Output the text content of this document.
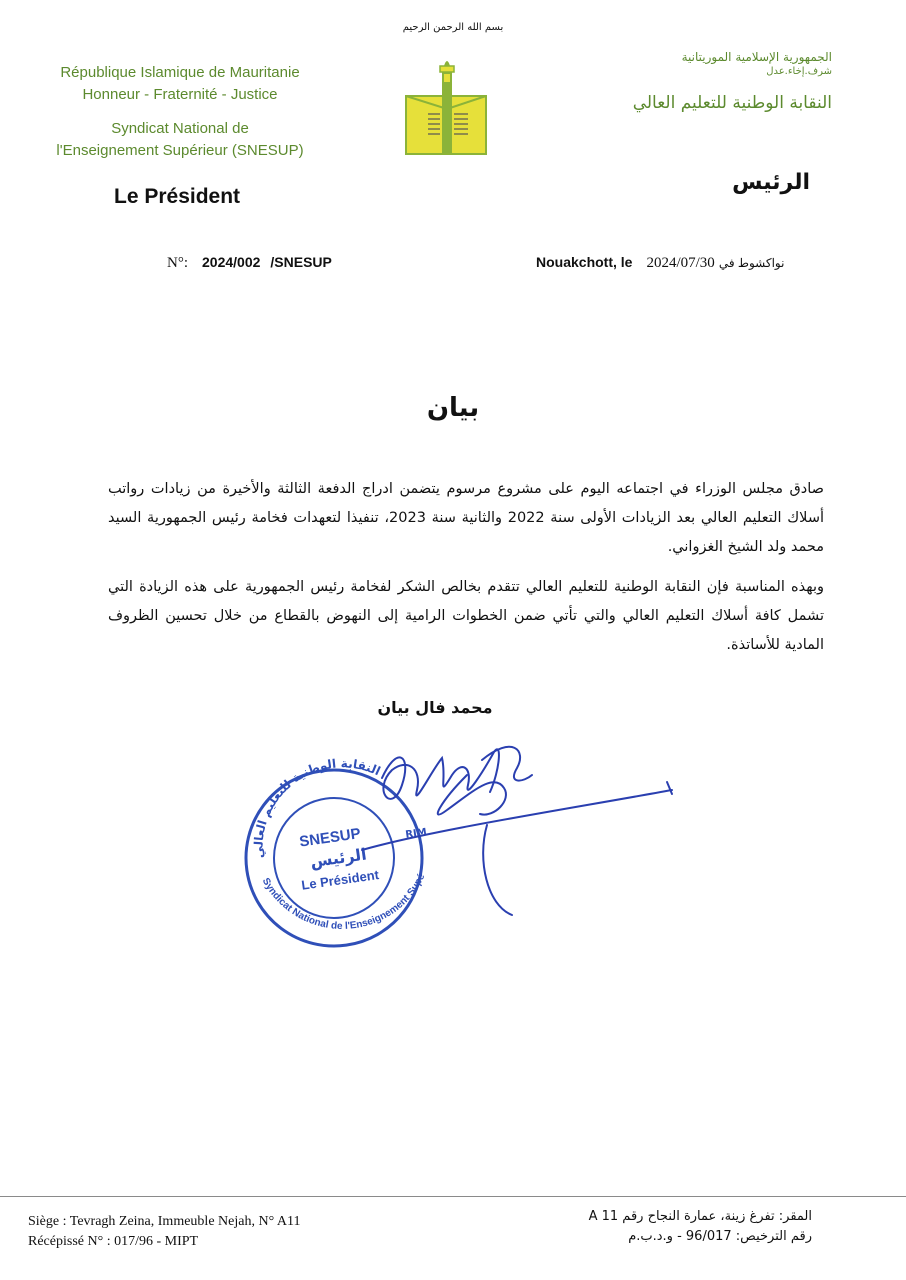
بسم الله الرحمن الرحيم
République Islamique de Mauritanie
Honneur - Fraternité - Justice
Syndicat National de
l'Enseignement Supérieur (SNESUP)
الجمهورية الإسلامية الموريتانية
شرف.إخاء.عدل
النقابة الوطنية للتعليم العالي
Le Président
الرئيس
N°: 2024/002 /SNESUP	Nouakchott, le 2024/07/30 نواكشوط في
بيان

صادق مجلس الوزراء في اجتماعه اليوم على مشروع مرسوم يتضمن ادراج الدفعة الثالثة والأخيرة من زيادات رواتب أسلاك التعليم العالي بعد الزيادات الأولى سنة 2022 والثانية سنة 2023، تنفيذا لتعهدات فخامة رئيس الجمهورية السيد محمد ولد الشيخ الغزواني.

وبهذه المناسبة فإن النقابة الوطنية للتعليم العالي تتقدم بخالص الشكر لفخامة رئيس الجمهورية على هذه الزيادة التي تشمل كافة أسلاك التعليم العالي والتي تأتي ضمن الخطوات الرامية إلى النهوض بالقطاع من خلال تحسين الظروف المادية للأساتذة.

محمد فال بيان
النقابة الوطنية للتعليم العالي
Syndicat National de l'Enseignement Supérieur
RIM
SNESUP
الرئيس
Le Président
Siège : Tevragh Zeina, Immeuble Nejah, N° A11
Récépissé N° : 017/96 - MIPT
المقر: تفرغ زينة، عمارة النجاح رقم A 11
رقم الترخيص: 96/017 - و.د.ب.م
